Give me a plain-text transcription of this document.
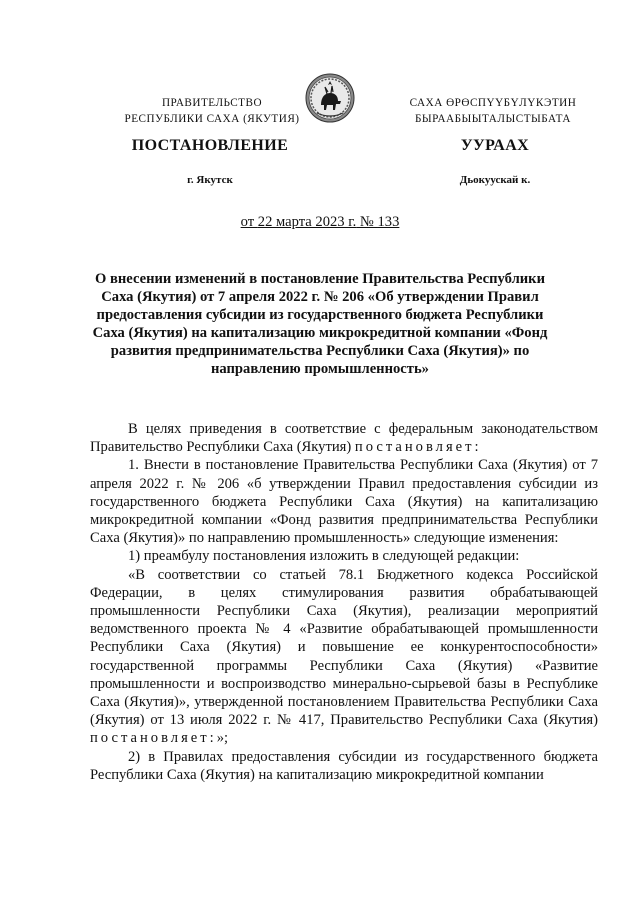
ПРАВИТЕЛЬСТВО
РЕСПУБЛИКИ САХА (ЯКУТИЯ)
САХА ӨРӨСПҮҮБҮЛҮКЭТИН
БЫРААБЫЫТАЛЫСТЫБАТА
ПОСТАНОВЛЕНИЕ	УУРААХ
г. Якутск	Дьокуускай к.
от 22 марта 2023 г. № 133
О внесении изменений в постановление Правительства Республики Саха (Якутия) от 7 апреля 2022 г. № 206 «Об утверждении Правил предоставления субсидии из государственного бюджета Республики Саха (Якутия) на капитализацию микрокредитной компании «Фонд развития предпринимательства Республики Саха (Якутия)» по направлению промышленность»

В целях приведения в соответствие с федеральным законодательством Правительство Республики Саха (Якутия) постановляет:

1. Внести в постановление Правительства Республики Саха (Якутия) от 7 апреля 2022 г. № 206 «б утверждении Правил предоставления субсидии из государственного бюджета Республики Саха (Якутия) на капитализацию микрокредитной компании «Фонд развития предпринимательства Республики Саха (Якутия)» по направлению промышленность» следующие изменения:

1) преамбулу постановления изложить в следующей редакции:

«В соответствии со статьей 78.1 Бюджетного кодекса Российской Федерации, в целях стимулирования развития обрабатывающей промышленности Республики Саха (Якутия), реализации мероприятий ведомственного проекта № 4 «Развитие обрабатывающей промышленности Республики Саха (Якутия) и повышение ее конкурентоспособности» государственной программы Республики Саха (Якутия) «Развитие промышленности и воспроизводство минерально-сырьевой базы в Республике Саха (Якутия)», утвержденной постановлением Правительства Республики Саха (Якутия) от 13 июля 2022 г. № 417, Правительство Республики Саха (Якутия) постановляет:»;

2) в Правилах предоставления субсидии из государственного бюджета Республики Саха (Якутия) на капитализацию микрокредитной компании
